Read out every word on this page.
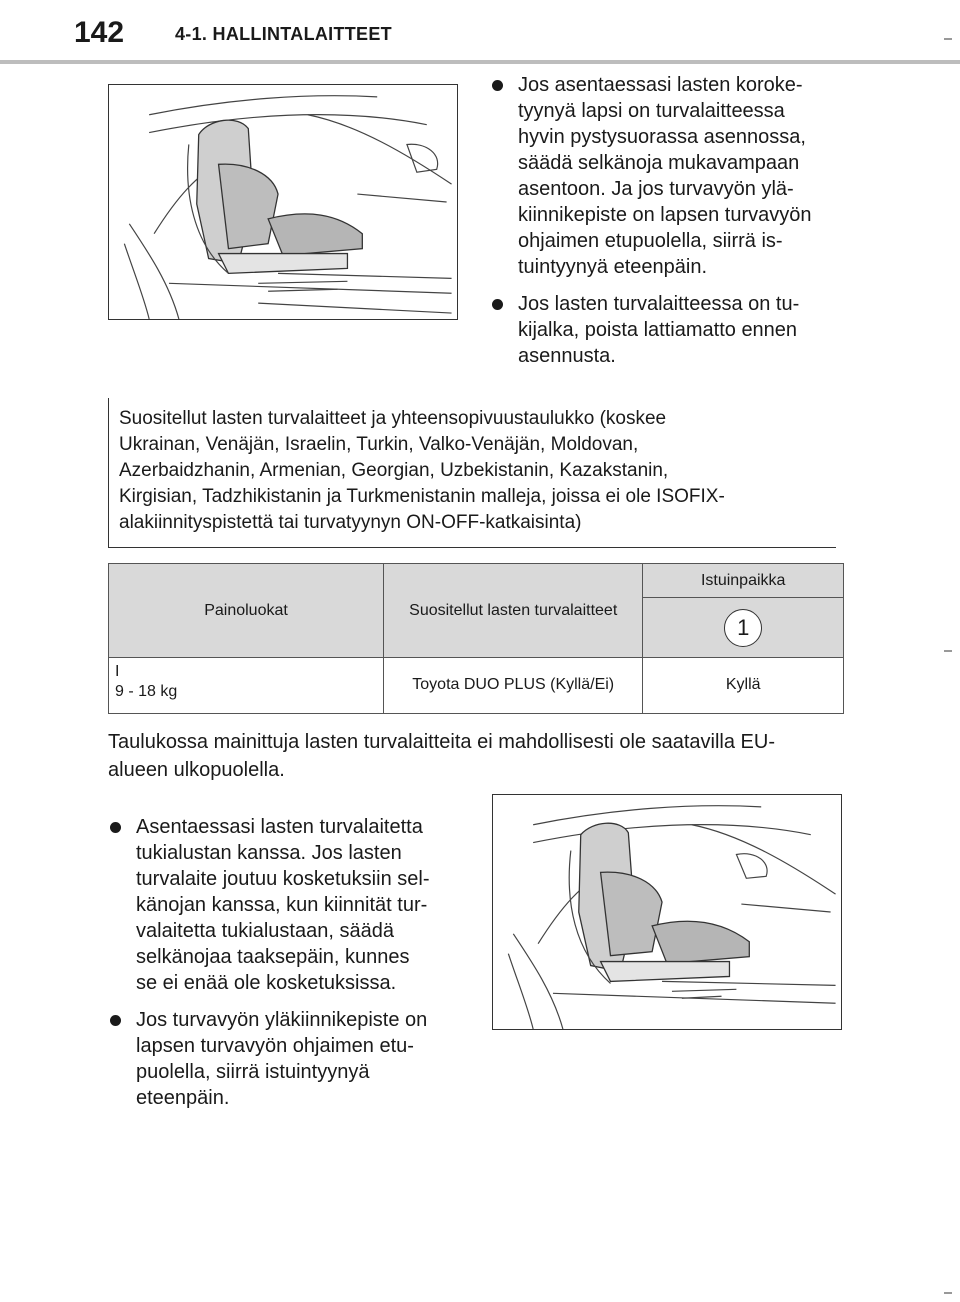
142	4-1. HALLINTALAITTEET
Jos asentaessasi lasten koroke-
tyynyä lapsi on turvalaitteessa
hyvin pystysuorassa asennossa,
säädä selkänoja mukavampaan
asentoon. Ja jos turvavyön ylä-
kiinnikepiste on lapsen turvavyön
ohjaimen etupuolella, siirrä is-
tuintyynyä eteenpäin.
Jos lasten turvalaitteessa on tu-
kijalka, poista lattiamatto ennen
asennusta.
Suositellut lasten turvalaitteet ja yhteensopivuustaulukko (koskee
Ukrainan, Venäjän, Israelin, Turkin, Valko-Venäjän, Moldovan,
Azerbaidzhanin, Armenian, Georgian, Uzbekistanin, Kazakstanin,
Kirgisian, Tadzhikistanin ja Turkmenistanin malleja, joissa ei ole ISOFIX-
alakiinnityspistettä tai turvatyynyn ON-OFF-katkaisinta)
Painoluokat	Suositellut lasten turvalaitteet	Istuinpaikka
		1

I
9 - 18 kg	Toyota DUO PLUS (Kyllä/Ei)	Kyllä
Taulukossa mainittuja lasten turvalaitteita ei mahdollisesti ole saatavilla EU-
alueen ulkopuolella.
Asentaessasi lasten turvalaitetta
tukialustan kanssa. Jos lasten
turvalaite joutuu kosketuksiin sel-
känojan kanssa, kun kiinnität tur-
valaitetta tukialustaan, säädä
selkänojaa taaksepäin, kunnes
se ei enää ole kosketuksissa.
Jos turvavyön yläkiinnikepiste on
lapsen turvavyön ohjaimen etu-
puolella, siirrä istuintyynyä
eteenpäin.
